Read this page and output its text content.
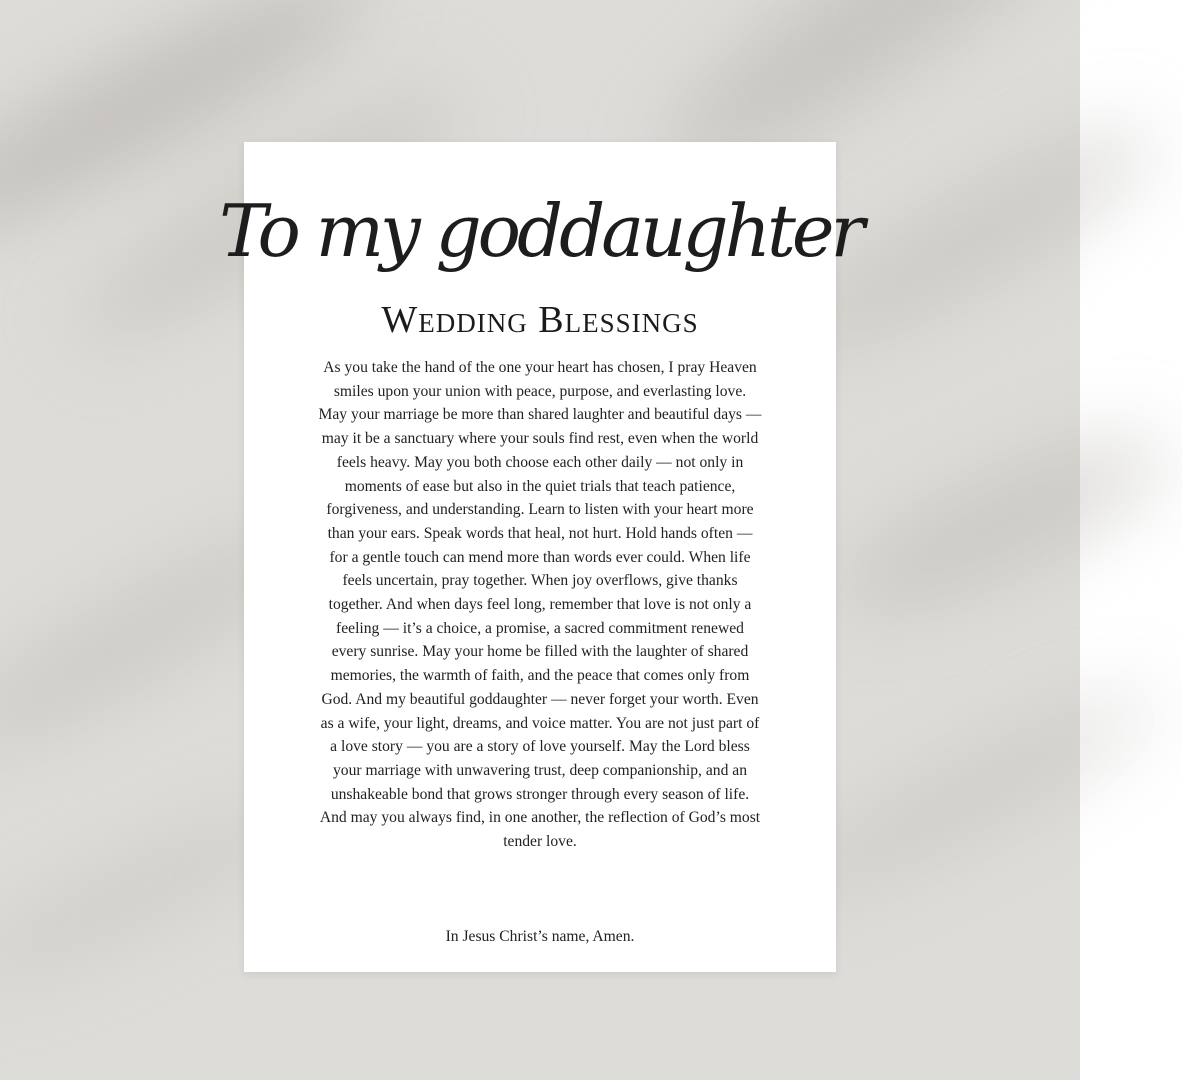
To my goddaughter
Wedding Blessings
As you take the hand of the one your heart has chosen, I pray Heaven smiles upon your union with peace, purpose, and everlasting love. May your marriage be more than shared laughter and beautiful days — may it be a sanctuary where your souls find rest, even when the world feels heavy. May you both choose each other daily — not only in moments of ease but also in the quiet trials that teach patience, forgiveness, and understanding. Learn to listen with your heart more than your ears. Speak words that heal, not hurt. Hold hands often — for a gentle touch can mend more than words ever could. When life feels uncertain, pray together. When joy overflows, give thanks together. And when days feel long, remember that love is not only a feeling — it’s a choice, a promise, a sacred commitment renewed every sunrise. May your home be filled with the laughter of shared memories, the warmth of faith, and the peace that comes only from God. And my beautiful goddaughter — never forget your worth. Even as a wife, your light, dreams, and voice matter. You are not just part of a love story — you are a story of love yourself. May the Lord bless your marriage with unwavering trust, deep companionship, and an unshakeable bond that grows stronger through every season of life. And may you always find, in one another, the reflection of God’s most tender love.
In Jesus Christ’s name, Amen.
